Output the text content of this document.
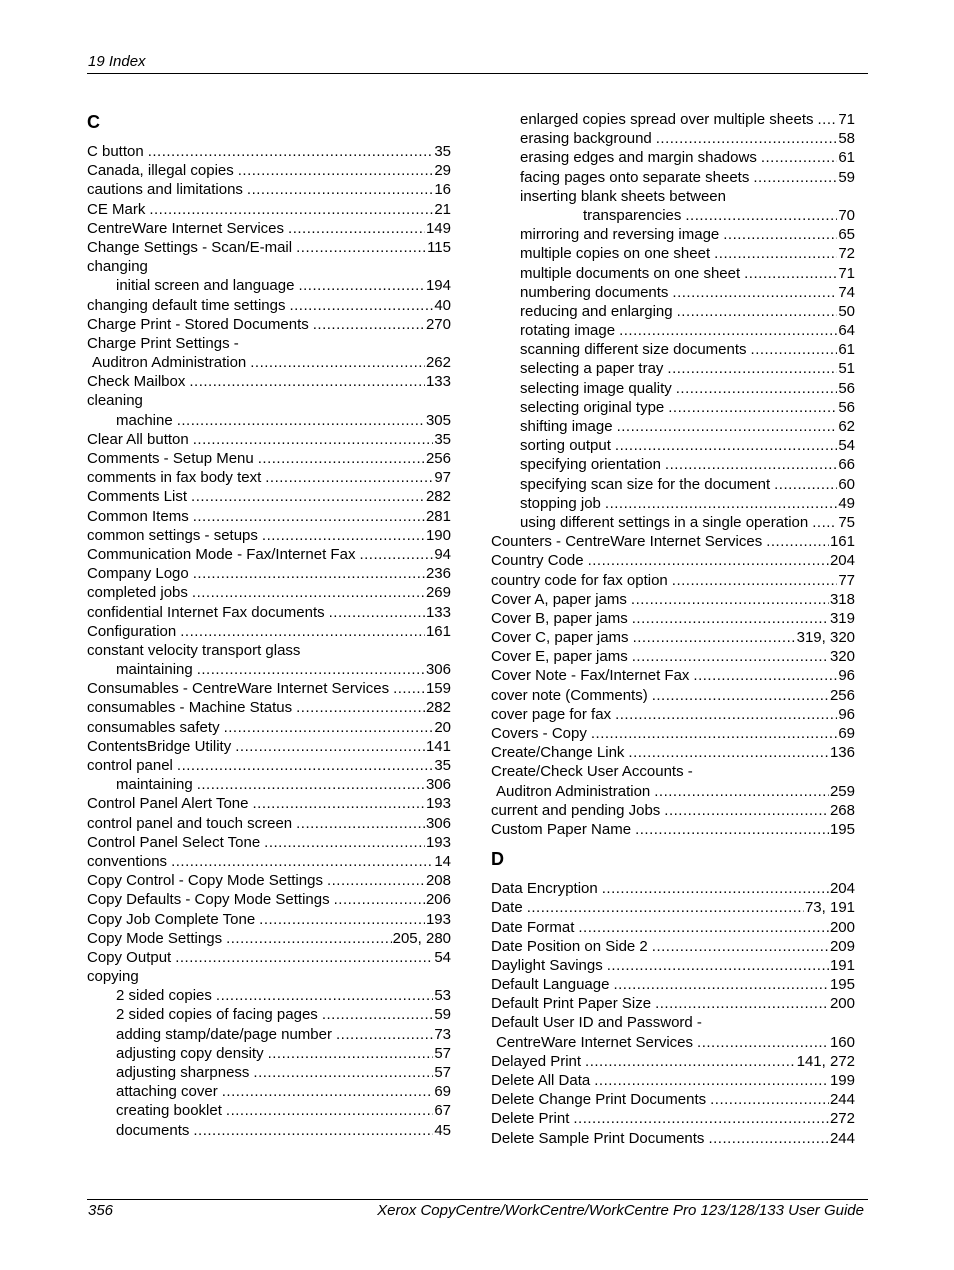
19 Index
C
C button .....	35
Canada, illegal copies .....	29
cautions and limitations .....	16
CE Mark .....	21
CentreWare Internet Services .....	149
Change Settings - Scan/E-mail .....	115
changing
initial screen and language .....	194
changing default time settings .....	40
Charge Print - Stored Documents .....	270
Charge Print Settings -
Auditron Administration .....	262
Check Mailbox .....	133
cleaning
machine .....	305
Clear All button .....	35
Comments - Setup Menu .....	256
comments in fax body text .....	97
Comments List .....	282
Common Items .....	281
common settings - setups .....	190
Communication Mode - Fax/Internet Fax .....	94
Company Logo .....	236
completed jobs .....	269
confidential Internet Fax documents .....	133
Configuration .....	161
constant velocity transport glass
maintaining .....	306
Consumables - CentreWare Internet Services ..... 159
consumables - Machine Status .....	282
consumables safety .....	20
ContentsBridge Utility .....	141
control panel .....	35
maintaining .....	306
Control Panel Alert Tone .....	193
control panel and touch screen .....	306
Control Panel Select Tone .....	193
conventions .....	14
Copy Control - Copy Mode Settings .....	208
Copy Defaults - Copy Mode Settings .....	206
Copy Job Complete Tone .....	193
Copy Mode Settings .....	205, 280
Copy Output .....	54
copying
2 sided copies .....	53
2 sided copies of facing pages .....	59
adding stamp/date/page number .....	73
adjusting copy density .....	57
adjusting sharpness .....	57
attaching cover .....	69
creating booklet .....	67
documents .....	45
enlarged copies spread over multiple sheets ..... 71
erasing background .....	58
erasing edges and margin shadows .....	61
facing pages onto separate sheets .....	59
inserting blank sheets between
transparencies .....	70
mirroring and reversing image .....	65
multiple copies on one sheet .....	72
multiple documents on one sheet .....	71
numbering documents .....	74
reducing and enlarging .....	50
rotating image .....	64
scanning different size documents .....	61
selecting a paper tray .....	51
selecting image quality .....	56
selecting original type .....	56
shifting image .....	62
sorting output .....	54
specifying orientation .....	66
specifying scan size for the document .....	60
stopping job .....	49
using different settings in a single operation ..... 75
Counters - CentreWare Internet Services .....	161
Country Code .....	204
country code for fax option .....	77
Cover A, paper jams .....	318
Cover B, paper jams .....	319
Cover C, paper jams .....	319, 320
Cover E, paper jams .....	320
Cover Note - Fax/Internet Fax .....	96
cover note (Comments) .....	256
cover page for fax .....	96
Covers - Copy .....	69
Create/Change Link .....	136
Create/Check User Accounts -
Auditron Administration .....	259
current and pending Jobs .....	268
Custom Paper Name .....	195
D
Data Encryption .....	204
Date .....	73, 191
Date Format .....	200
Date Position on Side 2 .....	209
Daylight Savings .....	191
Default Language .....	195
Default Print Paper Size .....	200
Default User ID and Password -
CentreWare Internet Services .....	160
Delayed Print .....	141, 272
Delete All Data .....	199
Delete Change Print Documents .....	244
Delete Print .....	272
Delete Sample Print Documents .....	244
356	Xerox CopyCentre/WorkCentre/WorkCentre Pro 123/128/133 User Guide
